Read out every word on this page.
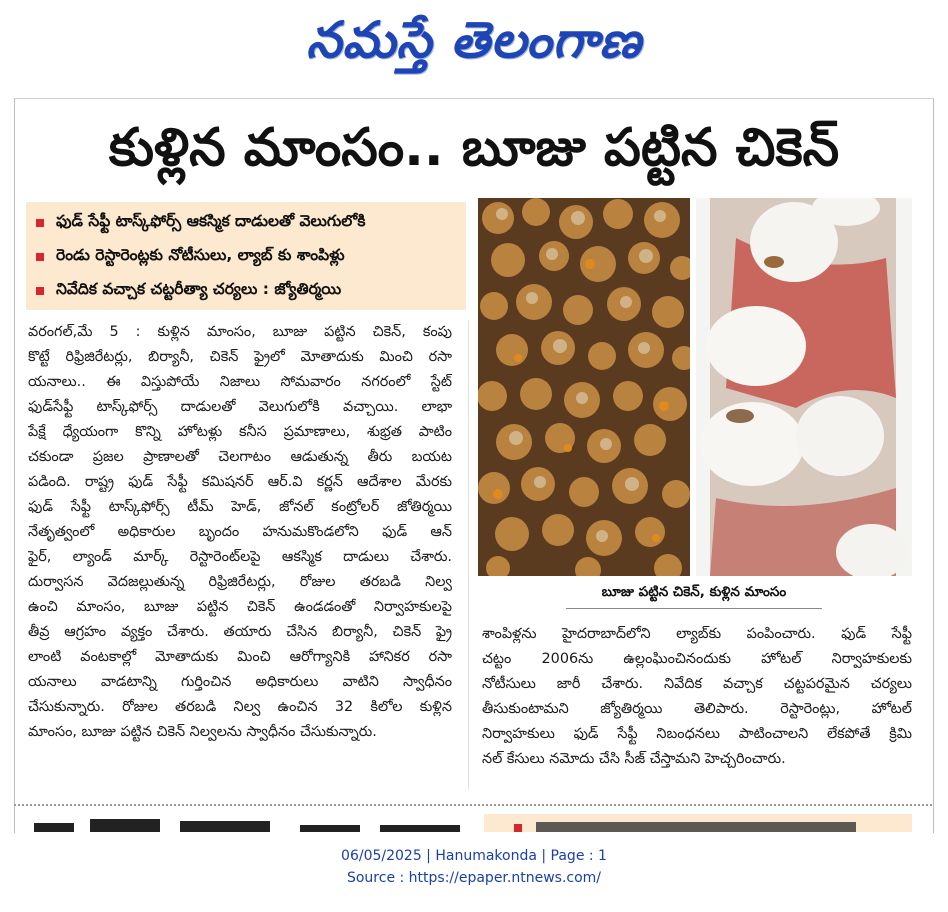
నమస్తే తెలంగాణ
కుళ్లిన మాంసం.. బూజు పట్టిన చికెన్
ఫుడ్ సేఫ్టీ టాస్క్‌ఫోర్స్ ఆకస్మిక దాడులతో వెలుగులోకి
రెండు రెస్టారెంట్లకు నోటీసులు, ల్యాబ్ కు శాంపిళ్లు
నివేదిక వచ్చాక చట్టరీత్యా చర్యలు : జ్యోతిర్మయి
వరంగల్,మే 5 : కుళ్లిన మాంసం, బూజు పట్టిన చికెన్, కంపు
కొట్టే రిఫ్రిజిరేటర్లు, బిర్యానీ, చికెన్ ఫ్రైలో మోతాదుకు మించి రసా
యనాలు.. ఈ విస్తుపోయే నిజాలు సోమవారం నగరంలో స్టేట్
ఫుడ్‌సేఫ్టీ టాస్క్‌ఫోర్స్ దాడులతో వెలుగులోకి వచ్చాయి. లాభా
పేక్షే ధ్యేయంగా కొన్ని హోటళ్లు కనీస ప్రమాణాలు, శుభ్రత పాటిం
చకుండా ప్రజల ప్రాణాలతో చెలగాటం ఆడుతున్న తీరు బయట
పడింది. రాష్ట్ర ఫుడ్ సేఫ్టీ కమిషనర్ ఆర్.వి కర్ణన్ ఆదేశాల మేరకు
ఫుడ్ సేఫ్టీ టాస్క్‌ఫోర్స్ టీమ్ హెడ్, జోనల్ కంట్రోలర్ జోతిర్మయి
నేతృత్వంలో అధికారుల బృందం హనుమకొండలోని ఫుడ్ ఆన్
ఫైర్, ల్యాండ్ మార్క్ రెస్టారెంట్‌లపై ఆకస్మిక దాడులు చేశారు.
దుర్వాసన వెదజల్లుతున్న రిఫ్రిజిరేటర్లు, రోజుల తరబడి నిల్వ
ఉంచి మాంసం, బూజు పట్టిన చికెన్ ఉండడంతో నిర్వాహకులపై
తీవ్ర ఆగ్రహం వ్యక్తం చేశారు. తయారు చేసిన బిర్యానీ, చికెన్ ఫ్రై
లాంటి వంటకాల్లో మోతాదుకు మించి ఆరోగ్యానికి హానికర రసా
యనాలు వాడటాన్ని గుర్తించిన అధికారులు వాటిని స్వాధీనం
చేసుకున్నారు. రోజుల తరబడి నిల్వ ఉంచిన 32 కిలోల కుళ్లిన
మాంసం, బూజు పట్టిన చికెన్ నిల్వలను స్వాధీనం చేసుకున్నారు.
బూజు పట్టిన చికెన్, కుళ్లిన మాంసం
శాంపిళ్లను హైదరాబాద్‌లోని ల్యాబ్‌కు పంపించారు. ఫుడ్ సేఫ్టీ
చట్టం 2006ను ఉల్లంఘించినందుకు హోటల్ నిర్వాహకులకు
నోటీసులు జారీ చేశారు. నివేదిక వచ్చాక చట్టపరమైన చర్యలు
తీసుకుంటామని జ్యోతిర్మయి తెలిపారు. రెస్టారెంట్లు, హోటల్
నిర్వాహకులు ఫుడ్ సేఫ్టీ నిబంధనలు పాటించాలని లేకపోతే క్రిమి
నల్ కేసులు నమోదు చేసి సీజ్ చేస్తామని హెచ్చరించారు.
06/05/2025 | Hanumakonda | Page : 1
Source : https://epaper.ntnews.com/
